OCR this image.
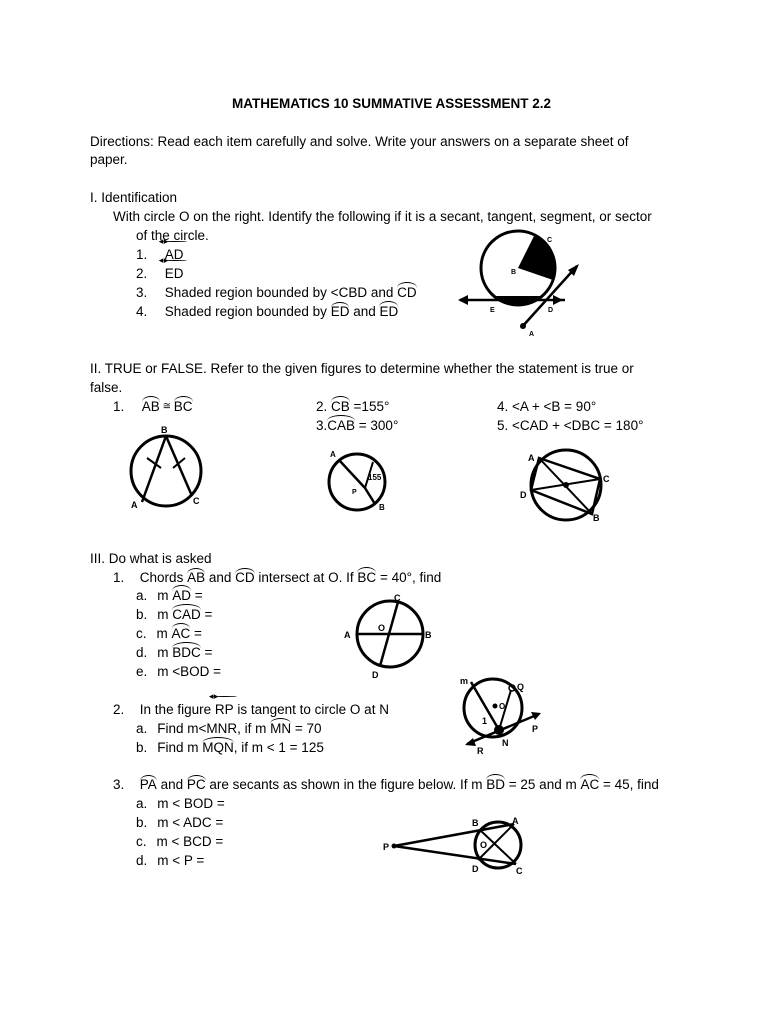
MATHEMATICS 10 SUMMATIVE ASSESSMENT 2.2
Directions: Read each item carefully and solve. Write your answers on a separate sheet of
paper.
I. Identification
With circle O on the right. Identify the following if it is a secant, tangent, segment, or sector
of the circle.
1. AD ◂ ▸
2. ED ◂ ▸
3. Shaded region bounded by <CBD and CD
4. Shaded region bounded by ED and ED
C
B
E	D
A
II. TRUE or FALSE. Refer to the given figures to determine whether the statement is true or
false.
1. AB ≅ BC	2. CB =155°
3.CAB = 300°
4. <A + <B = 90°
5. <CAD + <DBC = 180°
B
A	C
A
P
155
B
A
C
D
B
III. Do what is asked
1. Chords AB and CD intersect at O. If BC = 40°, find
a. m AD =
b. m CAD =
c. m AC =
d. m BDC =
e. m <BOD =
C
A
O
B
D
2. In the figure RP ◂ ▸ is tangent to circle O at N
a. Find m<MNR, if m MN = 70
b. Find m MQN, if m < 1 = 125
m
Q
O
1
P
R
N
3. PA and PC are secants as shown in the figure below. If m BD = 25 and m AC = 45, find
a. m < BOD =
b. m < ADC =
c. m < BCD =
d. m < P =
B	A
P	O
D	C
